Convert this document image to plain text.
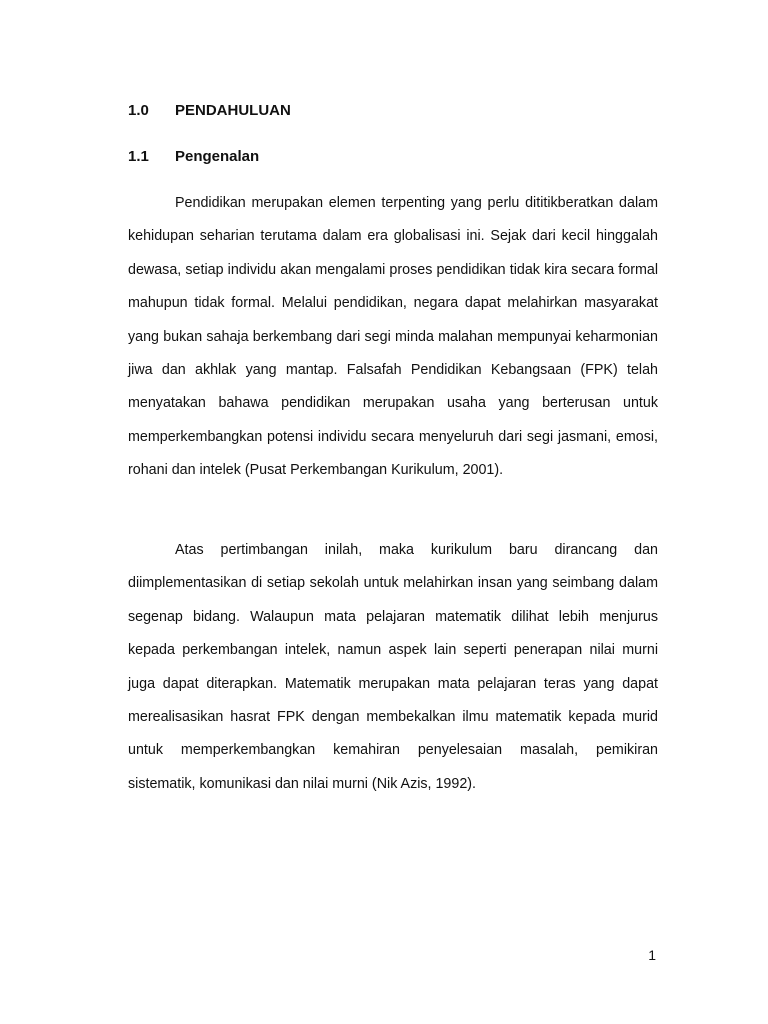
1.0 PENDAHULUAN
1.1 Pengenalan

Pendidikan merupakan elemen terpenting yang perlu dititikberatkan dalam kehidupan seharian terutama dalam era globalisasi ini. Sejak dari kecil hinggalah dewasa, setiap individu akan mengalami proses pendidikan tidak kira secara formal mahupun tidak formal. Melalui pendidikan, negara dapat melahirkan masyarakat yang bukan sahaja berkembang dari segi minda malahan mempunyai keharmonian jiwa dan akhlak yang mantap. Falsafah Pendidikan Kebangsaan (FPK) telah menyatakan bahawa pendidikan merupakan usaha yang berterusan untuk memperkembangkan potensi individu secara menyeluruh dari segi jasmani, emosi, rohani dan intelek (Pusat Perkembangan Kurikulum, 2001).

Atas pertimbangan inilah, maka kurikulum baru dirancang dan diimplementasikan di setiap sekolah untuk melahirkan insan yang seimbang dalam segenap bidang. Walaupun mata pelajaran matematik dilihat lebih menjurus kepada perkembangan intelek, namun aspek lain seperti penerapan nilai murni juga dapat diterapkan. Matematik merupakan mata pelajaran teras yang dapat merealisasikan hasrat FPK dengan membekalkan ilmu matematik kepada murid untuk memperkembangkan kemahiran penyelesaian masalah, pemikiran sistematik, komunikasi dan nilai murni (Nik Azis, 1992).

1
